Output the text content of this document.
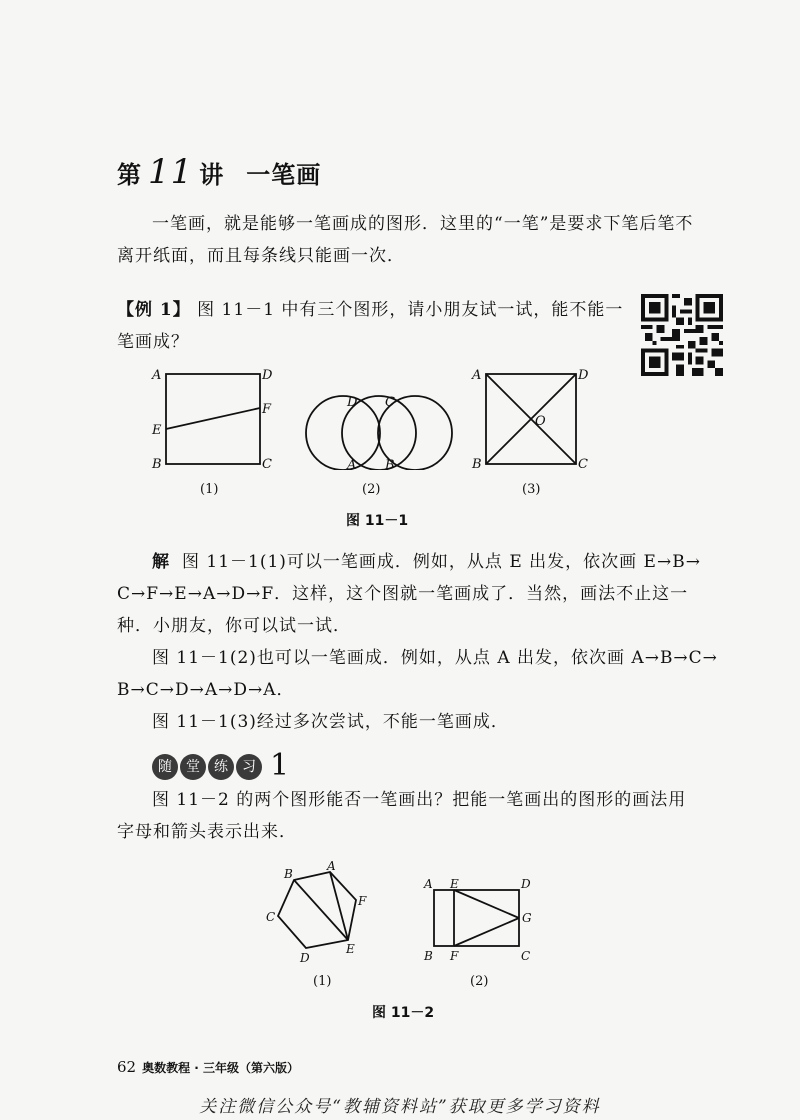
第 11 讲 一笔画
一笔画，就是能够一笔画成的图形．这里的“一笔”是要求下笔后笔不
离开纸面，而且每条线只能画一次．
【例 1】 图 11－1 中有三个图形，请小朋友试一试，能不能一
笔画成？
A	D
E
F
B	C
D C
A B
A	D
O
B	C
(1)	(2)	(3)
图 11－1
解 图 11－1(1)可以一笔画成．例如，从点 E 出发，依次画 E→B→
C→F→E→A→D→F．这样，这个图就一笔画成了．当然，画法不止这一
种．小朋友，你可以试一试．
图 11－1(2)也可以一笔画成．例如，从点 A 出发，依次画 A→B→C→
B→C→D→A→D→A．
图 11－1(3)经过多次尝试，不能一笔画成．
随 堂 练 习 1
图 11－2 的两个图形能否一笔画出？把能一笔画出的图形的画法用
字母和箭头表示出来．
B
A
F
C
E
D
A E	D
G
B F	C
(1)	(2)
图 11－2
62 奥数教程 · 三年级（第六版）
关注微信公众号“教辅资料站”获取更多学习资料
